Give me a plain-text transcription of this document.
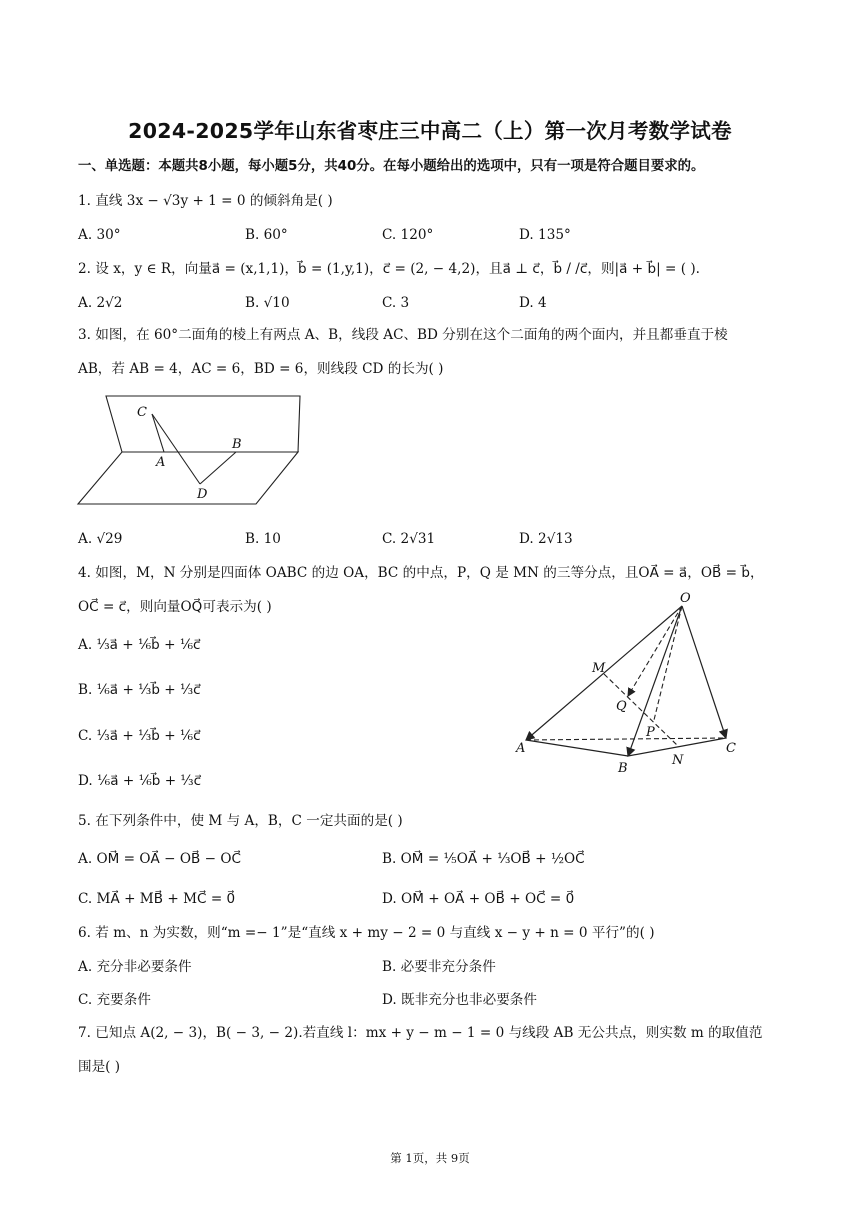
2024-2025学年山东省枣庄三中高二（上）第一次月考数学试卷
一、单选题：本题共8小题，每小题5分，共40分。在每小题给出的选项中，只有一项是符合题目要求的。
1. 直线 3x − √3y + 1 = 0 的倾斜角是( )
A. 30°	B. 60°	C. 120°	D. 135°
2. 设 x，y ∈ R，向量a⃗ = (x,1,1)，b⃗ = (1,y,1)，c⃗ = (2, − 4,2)，且a⃗ ⊥ c⃗，b⃗ / /c⃗，则|a⃗ + b⃗| = ( ).
A. 2√2	B. √10	C. 3	D. 4
3. 如图，在 60°二面角的棱上有两点 A、B，线段 AC、BD 分别在这个二面角的两个面内，并且都垂直于棱
AB，若 AB = 4，AC = 6，BD = 6，则线段 CD 的长为( )
C
A
B
D
A. √29	B. 10	C. 2√31	D. 2√13
4. 如图，M，N 分别是四面体 OABC 的边 OA，BC 的中点，P，Q 是 MN 的三等分点，且OA⃗ = a⃗，OB⃗ = b⃗，
OC⃗ = c⃗，则向量OQ⃗可表示为( )
A. ⅓a⃗ + ⅙b⃗ + ⅙c⃗
B. ⅙a⃗ + ⅓b⃗ + ⅓c⃗
C. ⅓a⃗ + ⅓b⃗ + ⅙c⃗
D. ⅙a⃗ + ⅙b⃗ + ⅓c⃗
O
M
Q
P
A
B
N
C
5. 在下列条件中，使 M 与 A，B，C 一定共面的是( )
A. OM⃗ = OA⃗ − OB⃗ − OC⃗	B. OM⃗ = ⅕OA⃗ + ⅓OB⃗ + ½OC⃗
C. MA⃗ + MB⃗ + MC⃗ = 0⃗	D. OM⃗ + OA⃗ + OB⃗ + OC⃗ = 0⃗
6. 若 m、n 为实数，则“m =− 1”是“直线 x + my − 2 = 0 与直线 x − y + n = 0 平行”的( )
A. 充分非必要条件	B. 必要非充分条件
C. 充要条件	D. 既非充分也非必要条件
7. 已知点 A(2, − 3)，B( − 3, − 2).若直线 l：mx + y − m − 1 = 0 与线段 AB 无公共点，则实数 m 的取值范
围是( )
第 1页，共 9页
